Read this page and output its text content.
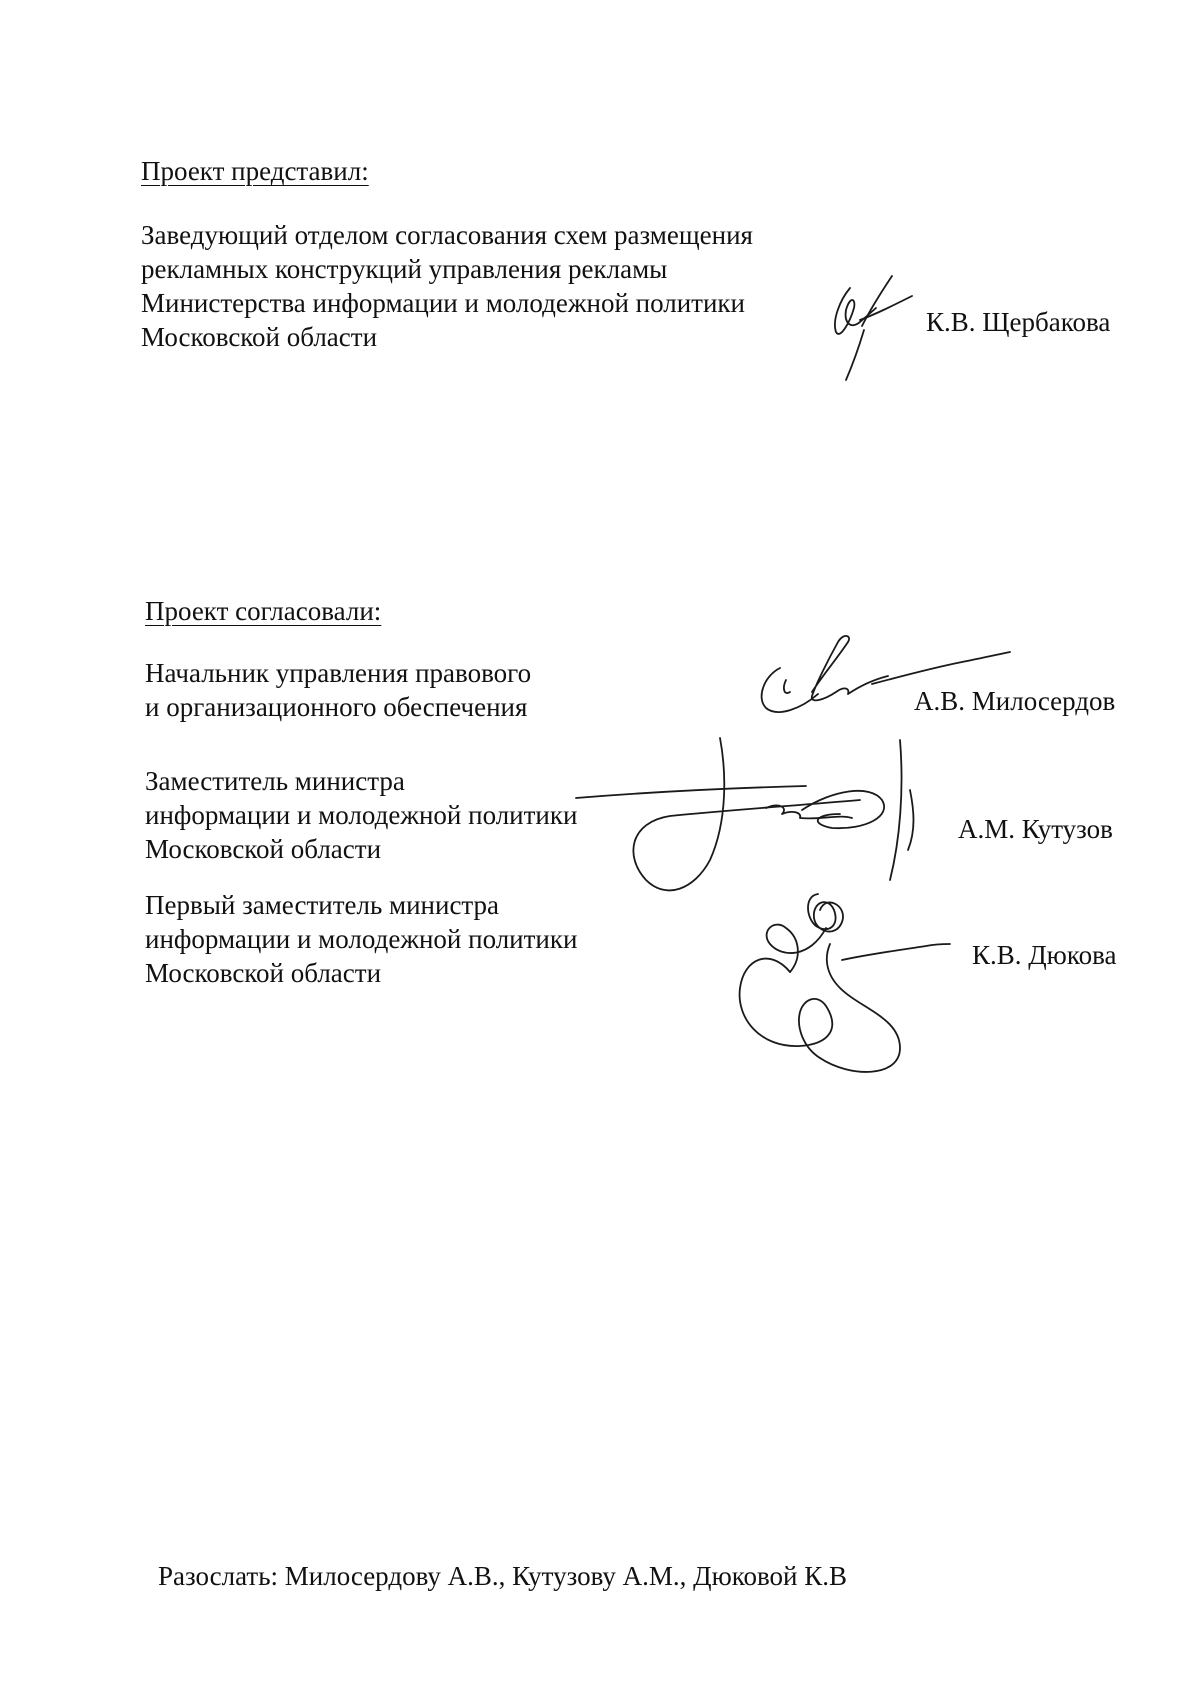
Проект представил:
Заведующий отделом согласования схем размещения
рекламных конструкций управления рекламы
Министерства информации и молодежной политики
Московской области	К.В. Щербакова
Проект согласовали:
Начальник управления правового
и организационного обеспечения	А.В. Милосердов
Заместитель министра
информации и молодежной политики
Московской области
А.М. Кутузов
Первый заместитель министра
информации и молодежной политики
Московской области
К.В. Дюкова
Разослать: Милосердову А.В., Кутузову А.М., Дюковой К.В
